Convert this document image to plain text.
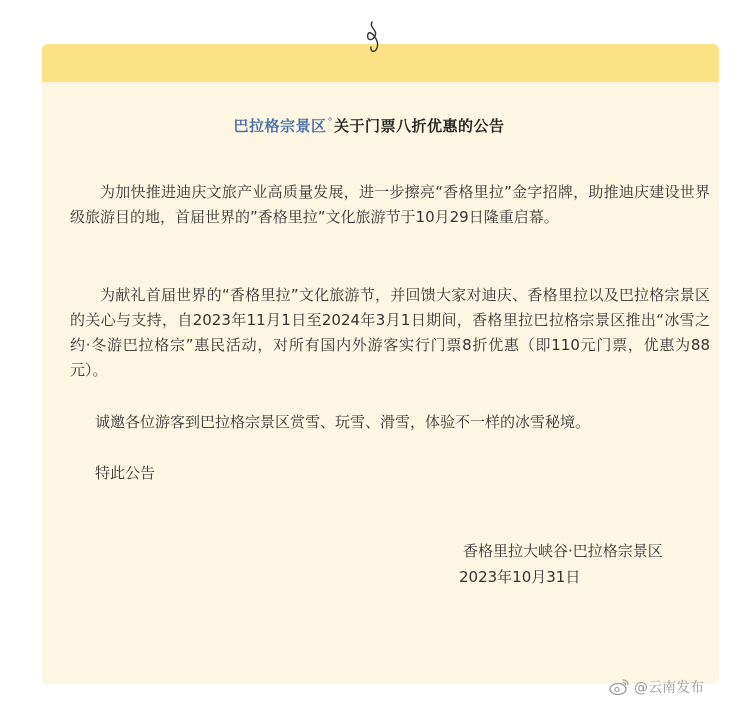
巴拉格宗景区°关于门票八折优惠的公告

为加快推进迪庆文旅产业高质量发展，进一步擦亮“香格里拉”金字招牌，助推迪庆建设世界级旅游目的地，首届世界的”香格里拉”文化旅游节于10月29日隆重启幕。

为献礼首届世界的“香格里拉”文化旅游节，并回馈大家对迪庆、香格里拉以及巴拉格宗景区的关心与支持，自2023年11月1日至2024年3月1日期间，香格里拉巴拉格宗景区推出“冰雪之约·冬游巴拉格宗”惠民活动，对所有国内外游客实行门票8折优惠（即110元门票，优惠为88元）。

诚邀各位游客到巴拉格宗景区赏雪、玩雪、滑雪，体验不一样的冰雪秘境。

特此公告

香格里拉大峡谷·巴拉格宗景区

2023年10月31日

@云南发布
